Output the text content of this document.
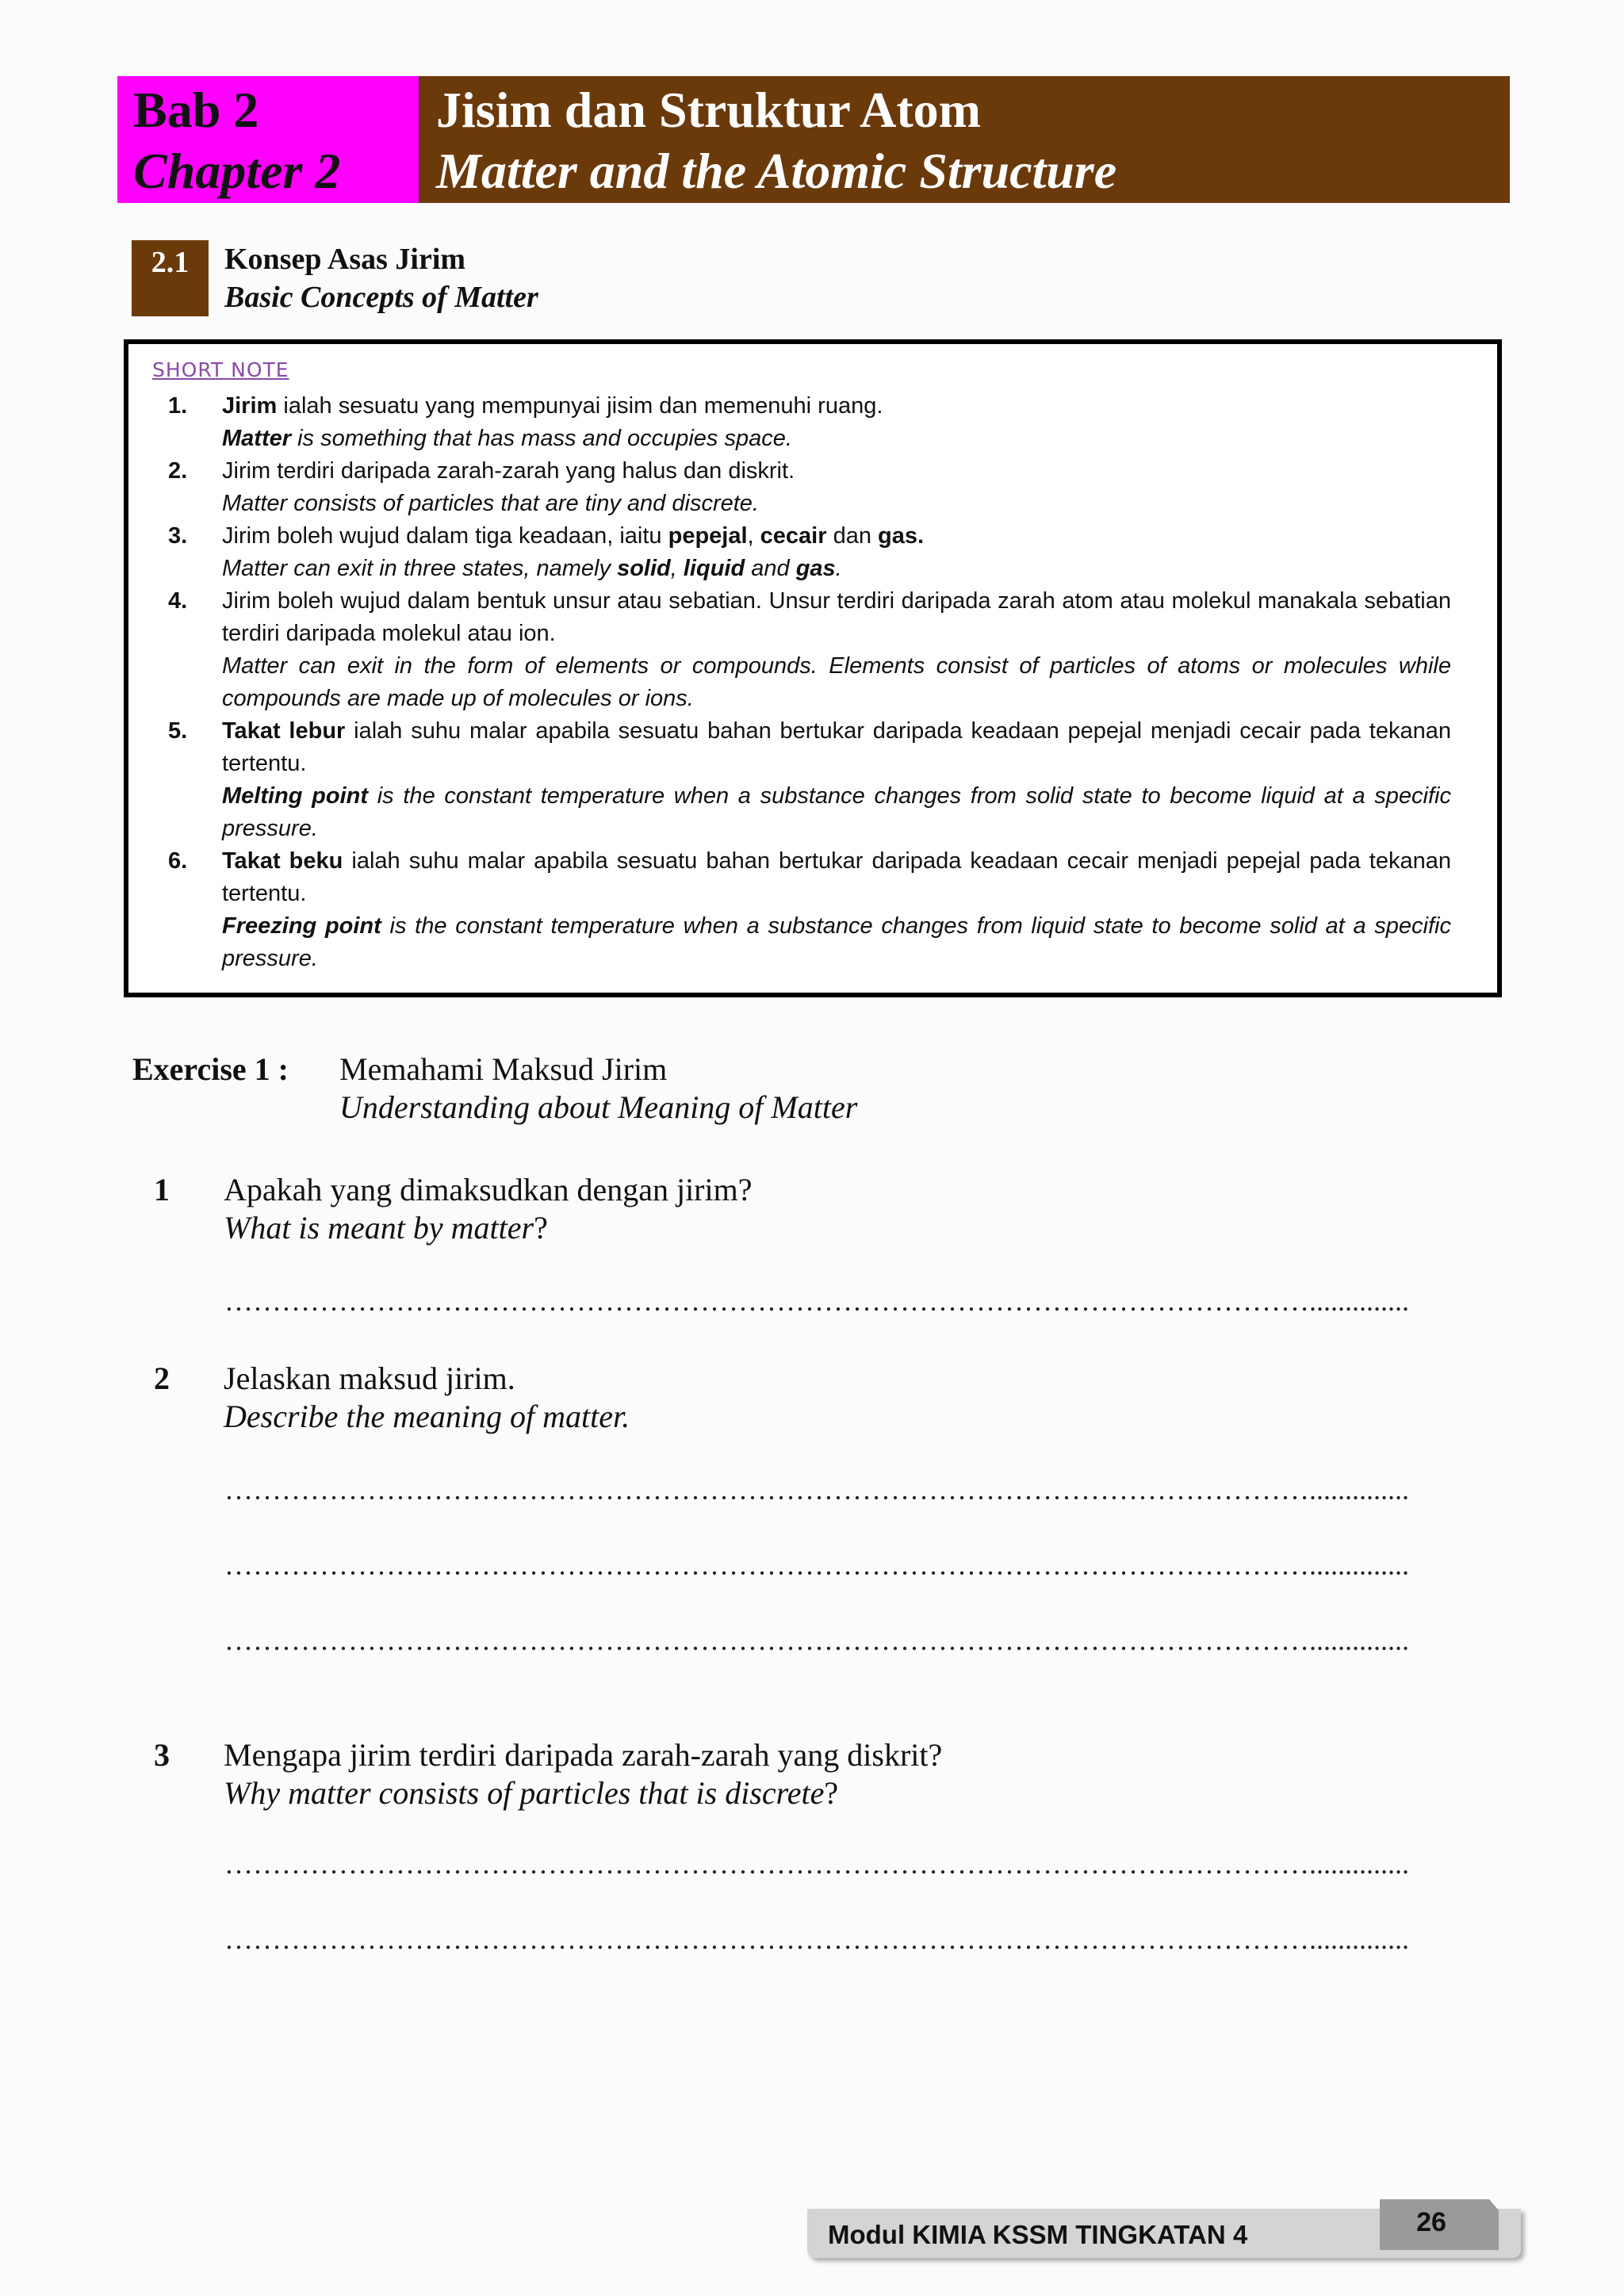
Bab 2
Chapter 2
Jisim dan Struktur Atom
Matter and the Atomic Structure
2.1	Konsep Asas Jirim
Basic Concepts of Matter
SHORT NOTE
1.	Jirim ialah sesuatu yang mempunyai jisim dan memenuhi ruang.
Matter is something that has mass and occupies space.
2.	Jirim terdiri daripada zarah-zarah yang halus dan diskrit.
Matter consists of particles that are tiny and discrete.
3.	Jirim boleh wujud dalam tiga keadaan, iaitu pepejal, cecair dan gas.
Matter can exit in three states, namely solid, liquid and gas.
4.	Jirim boleh wujud dalam bentuk unsur atau sebatian. Unsur terdiri daripada zarah atom atau molekul manakala sebatian terdiri daripada molekul atau ion.
Matter can exit in the form of elements or compounds. Elements consist of particles of atoms or molecules while compounds are made up of molecules or ions.
5.	Takat lebur ialah suhu malar apabila sesuatu bahan bertukar daripada keadaan pepejal menjadi cecair pada tekanan tertentu.
Melting point is the constant temperature when a substance changes from solid state to become liquid at a specific pressure.
6.	Takat beku ialah suhu malar apabila sesuatu bahan bertukar daripada keadaan cecair menjadi pepejal pada tekanan tertentu.
Freezing point is the constant temperature when a substance changes from liquid state to become solid at a specific pressure.
Exercise 1 : Memahami Maksud Jirim
Understanding about Meaning of Matter
1 Apakah yang dimaksudkan dengan jirim?
What is meant by matter?
……………………………………………………………………………………………………..............
2 Jelaskan maksud jirim.
Describe the meaning of matter.
……………………………………………………………………………………………………..............
……………………………………………………………………………………………………..............
……………………………………………………………………………………………………..............
3 Mengapa jirim terdiri daripada zarah-zarah yang diskrit?
Why matter consists of particles that is discrete?
……………………………………………………………………………………………………..............
……………………………………………………………………………………………………..............
Modul KIMIA KSSM TINGKATAN 4	26
